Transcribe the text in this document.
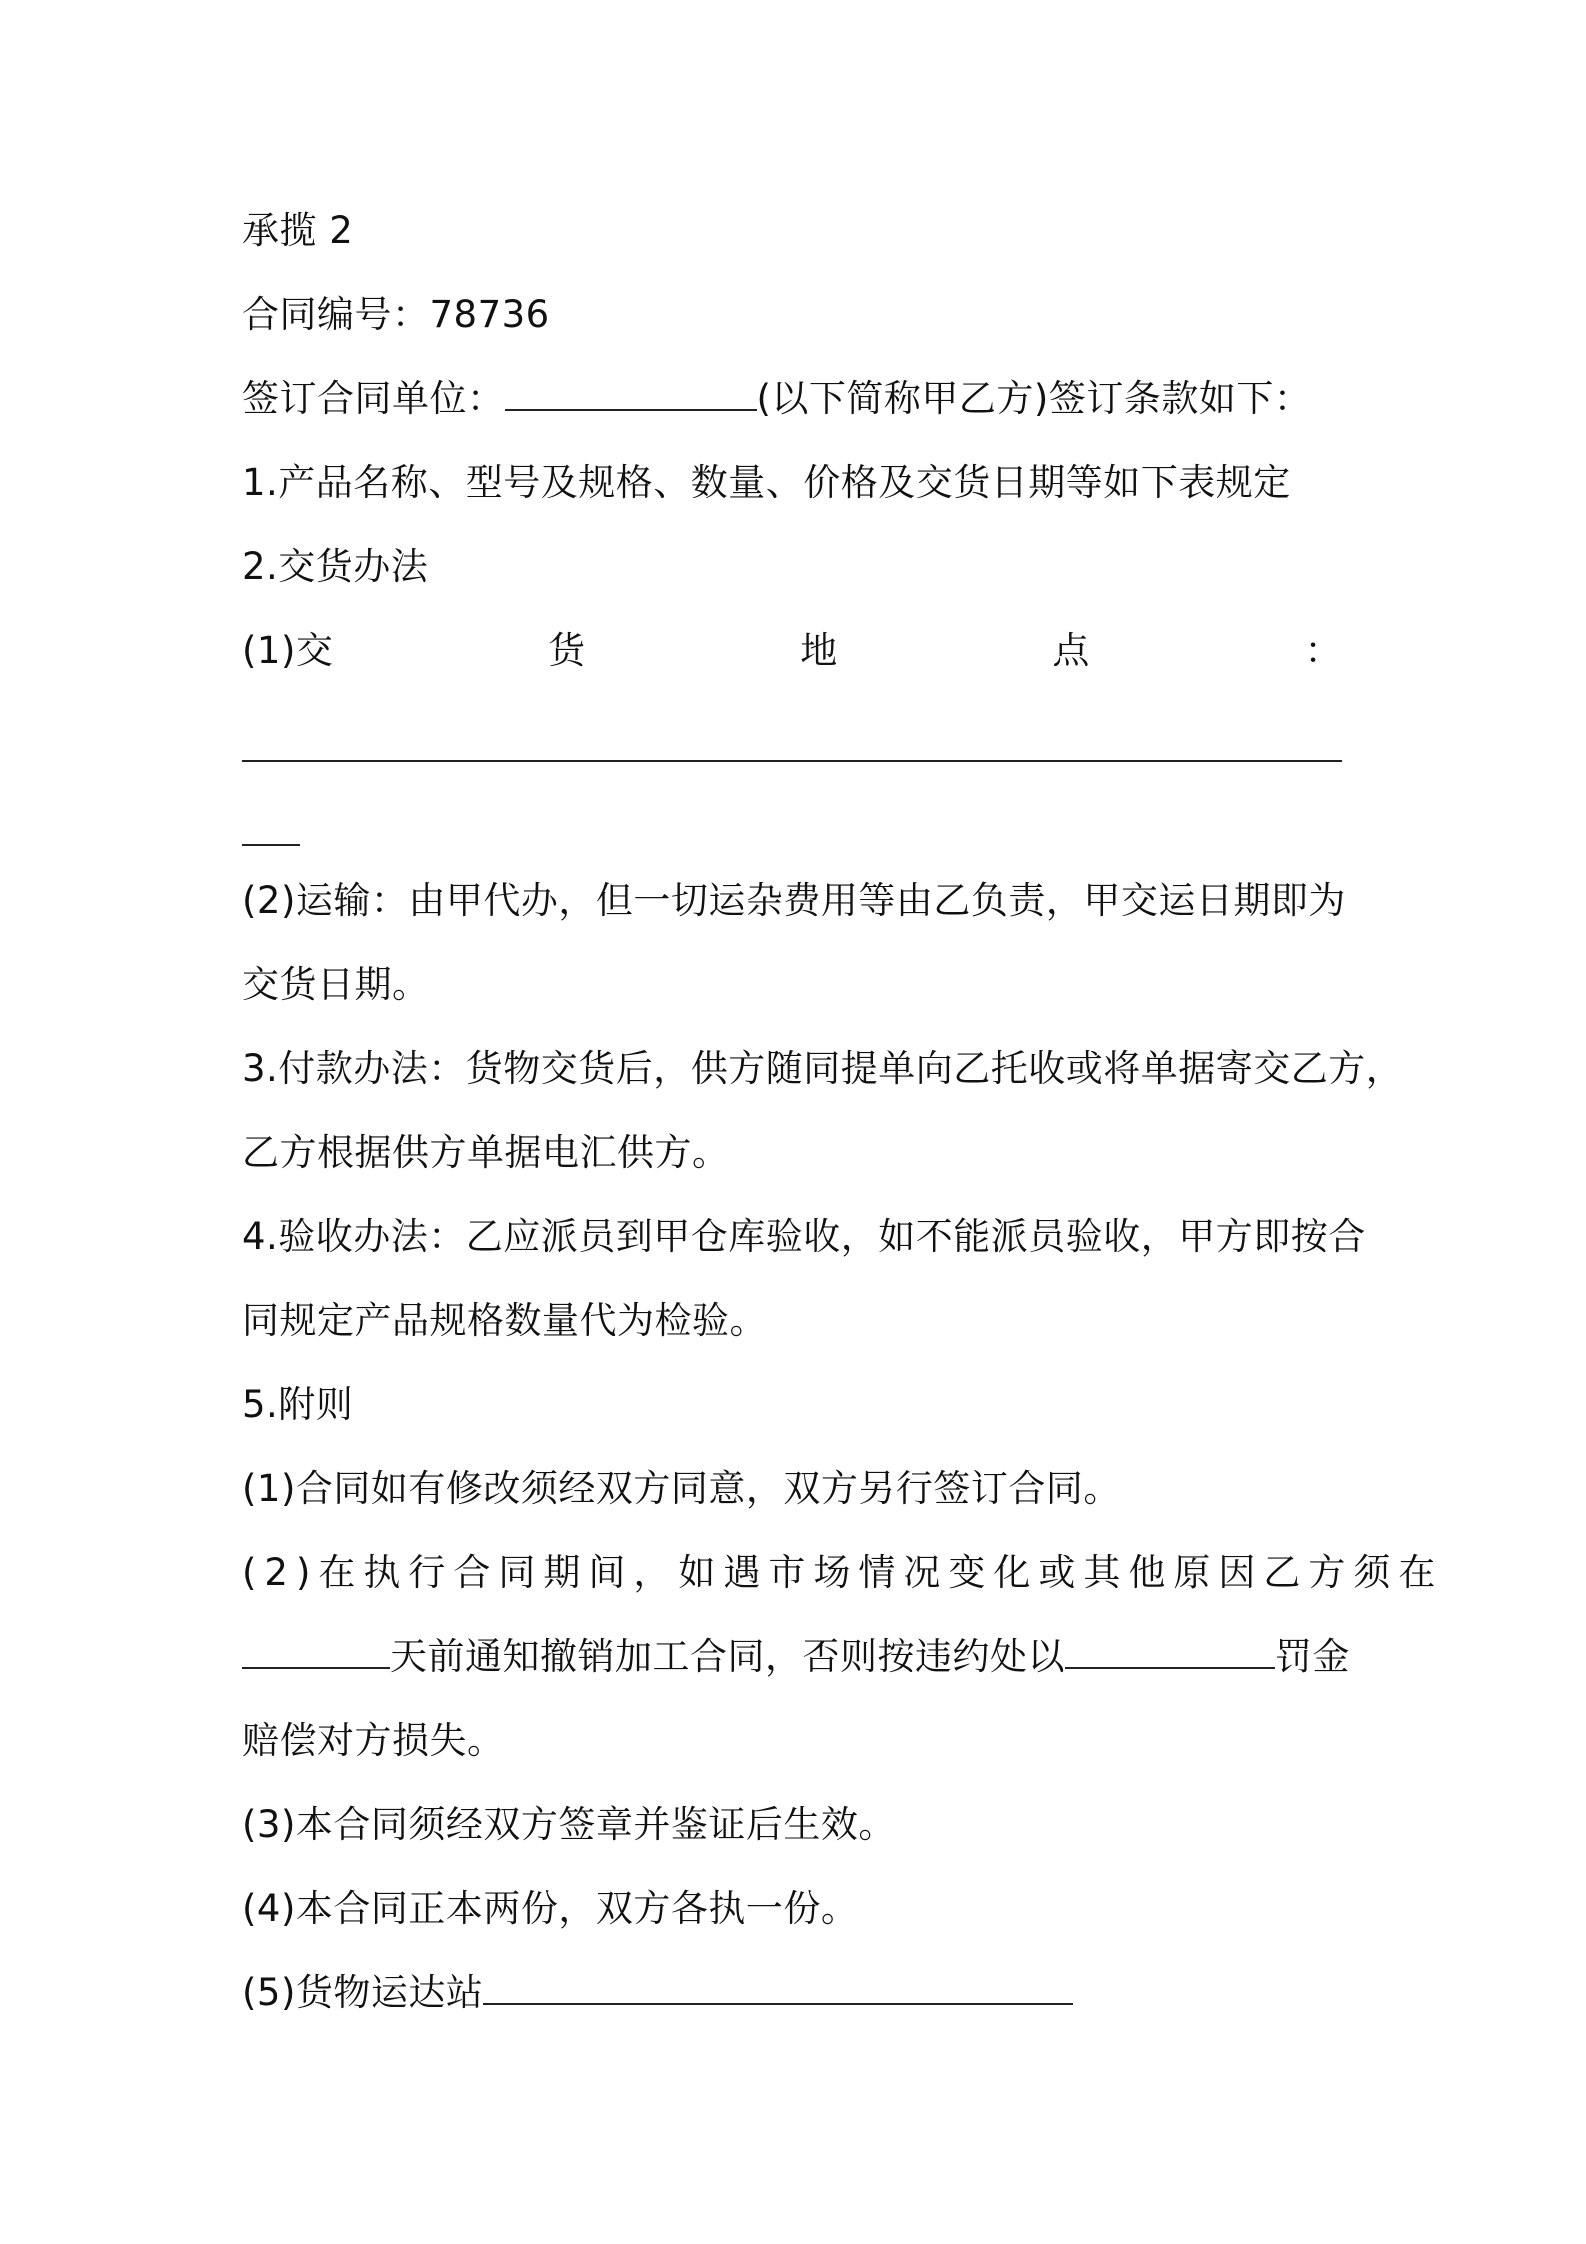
承揽 2
合同编号：78736
签订合同单位：	(以下简称甲乙方)签订条款如下：
1.产品名称、型号及规格、数量、价格及交货日期等如下表规定
2.交货办法
(1)交	货	地	点	：
(2)运输：由甲代办，但一切运杂费用等由乙负责，甲交运日期即为
交货日期。
3.付款办法：货物交货后，供方随同提单向乙托收或将单据寄交乙方，
乙方根据供方单据电汇供方。
4.验收办法：乙应派员到甲仓库验收，如不能派员验收，甲方即按合
同规定产品规格数量代为检验。
5.附则
(1)合同如有修改须经双方同意，双方另行签订合同。
(2)在执行合同期间，如遇市场情况变化或其他原因乙方须在
天前通知撤销加工合同，否则按违约处以	罚金
赔偿对方损失。
(3)本合同须经双方签章并鉴证后生效。
(4)本合同正本两份，双方各执一份。
(5)货物运达站
